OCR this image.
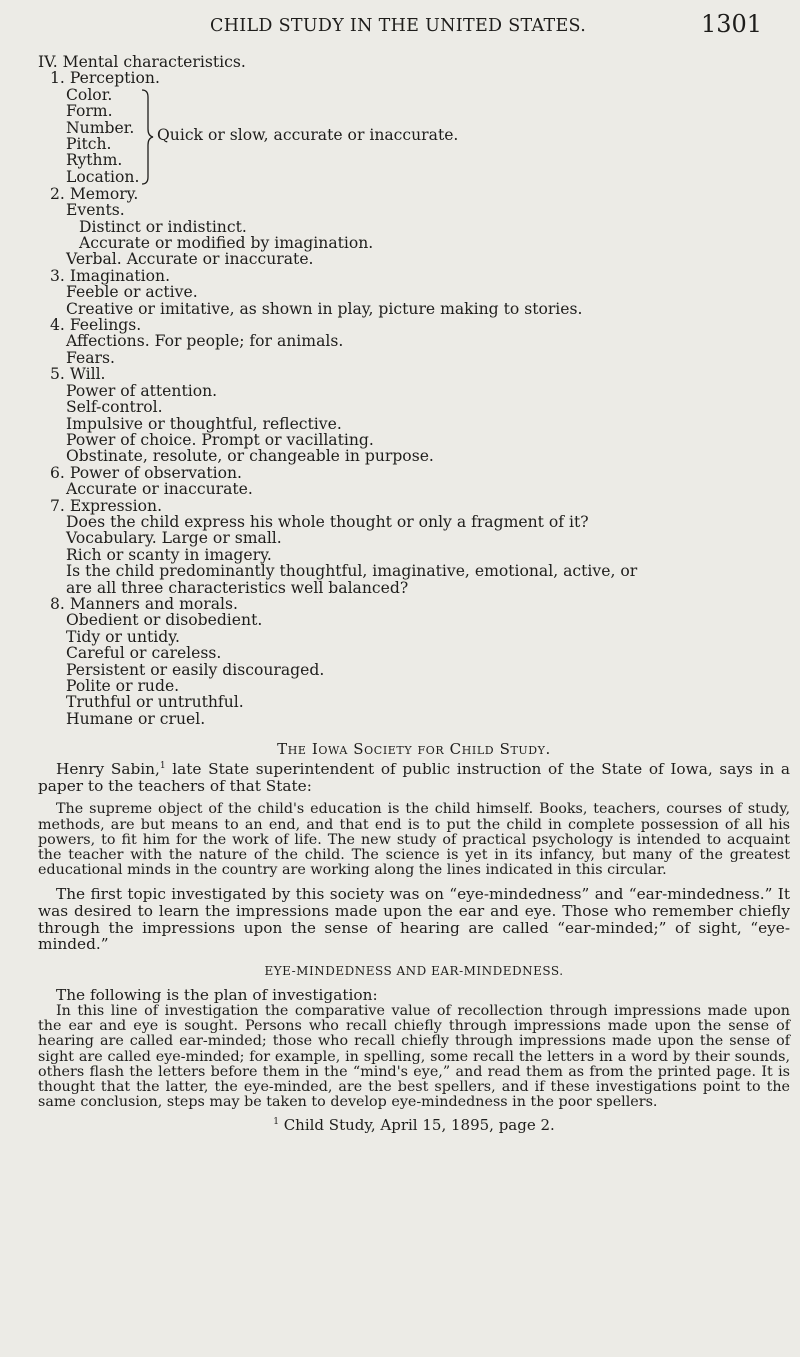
CHILD STUDY IN THE UNITED STATES.	1301
IV. Mental characteristics.
1. Perception.
Color.
Form.
Number.
Pitch.
Rythm.
Location.
Quick or slow, accurate or inaccurate.
2. Memory.
Events.
Distinct or indistinct.
Accurate or modified by imagination.
Verbal. Accurate or inaccurate.
3. Imagination.
Feeble or active.
Creative or imitative, as shown in play, picture making to stories.
4. Feelings.
Affections. For people; for animals.
Fears.
5. Will.
Power of attention.
Self-control.
Impulsive or thoughtful, reflective.
Power of choice. Prompt or vacillating.
Obstinate, resolute, or changeable in purpose.
6. Power of observation.
Accurate or inaccurate.
7. Expression.
Does the child express his whole thought or only a fragment of it?
Vocabulary. Large or small.
Rich or scanty in imagery.
Is the child predominantly thoughtful, imaginative, emotional, active, or
are all three characteristics well balanced?
8. Manners and morals.
Obedient or disobedient.
Tidy or untidy.
Careful or careless.
Persistent or easily discouraged.
Polite or rude.
Truthful or untruthful.
Humane or cruel.
The Iowa Society for Child Study.

Henry Sabin,$^1$ late State superintendent of public instruction of the State of Iowa, says in a paper to the teachers of that State:

The supreme object of the child's education is the child himself. Books, teachers, courses of study, methods, are but means to an end, and that end is to put the child in complete possession of all his powers, to fit him for the work of life. The new study of practical psychology is intended to acquaint the teacher with the nature of the child. The science is yet in its infancy, but many of the greatest educational minds in the country are working along the lines indicated in this circular.

The first topic investigated by this society was on “eye-mindedness” and “ear-mindedness.” It was desired to learn the impressions made upon the ear and eye. Those who remember chiefly through the impressions upon the sense of hearing are called “ear-minded;” of sight, “eye-minded.”

EYE-MINDEDNESS AND EAR-MINDEDNESS.

The following is the plan of investigation:

In this line of investigation the comparative value of recollection through impressions made upon the ear and eye is sought. Persons who recall chiefly through impressions made upon the sense of hearing are called ear-minded; those who recall chiefly through impressions made upon the sense of sight are called eye-minded; for example, in spelling, some recall the letters in a word by their sounds, others flash the letters before them in the “mind's eye,” and read them as from the printed page. It is thought that the latter, the eye-minded, are the best spellers, and if these investigations point to the same conclusion, steps may be taken to develop eye-mindedness in the poor spellers.

$^1$ Child Study, April 15, 1895, page 2.
